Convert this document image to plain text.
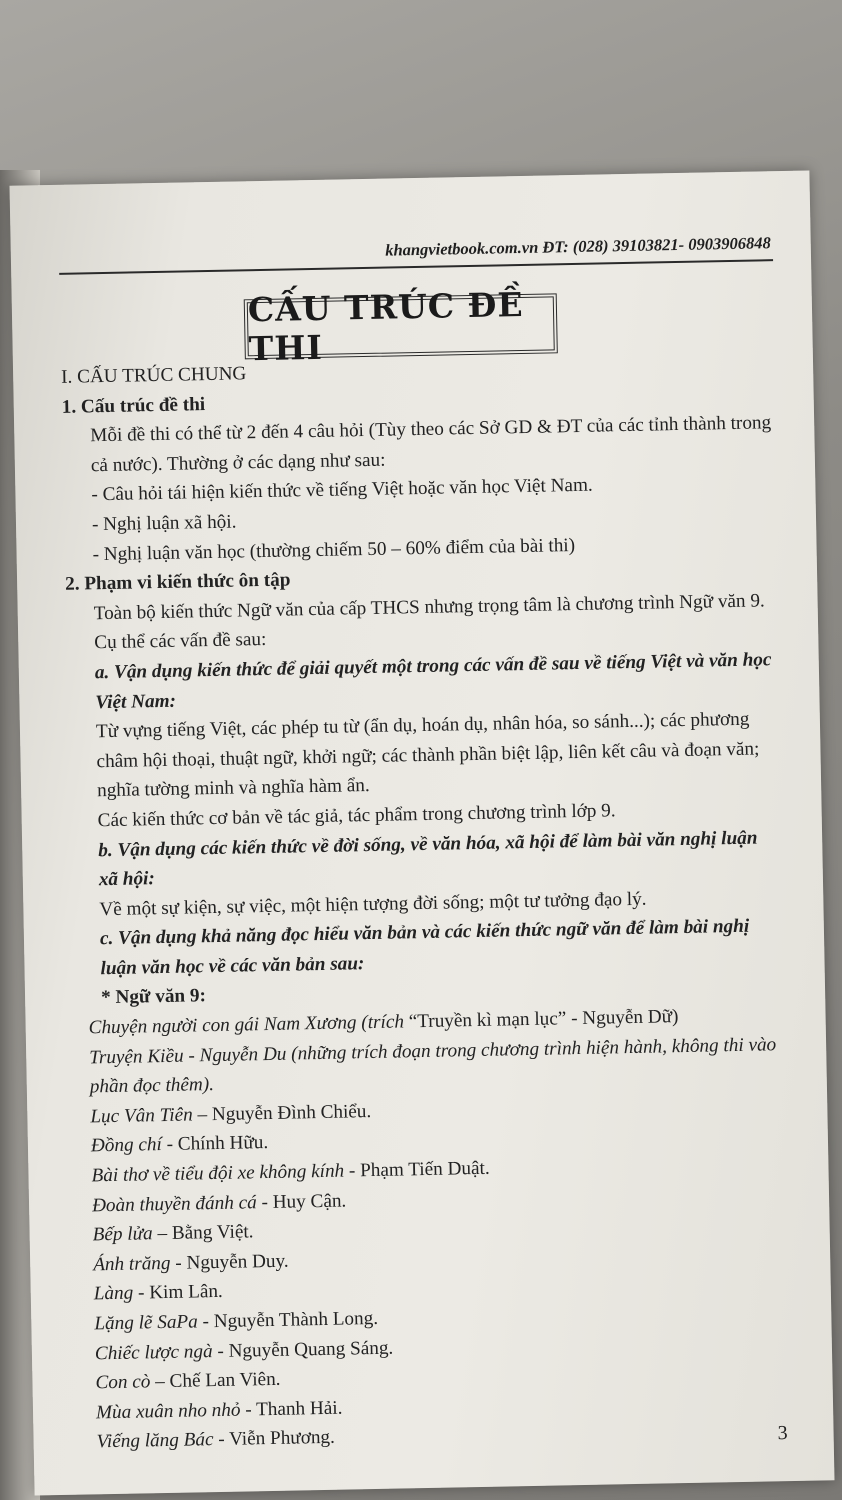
khangvietbook.com.vn ĐT: (028) 39103821- 0903906848
CẤU TRÚC ĐỀ THI

I. CẤU TRÚC CHUNG

1. Cấu trúc đề thi

Mỗi đề thi có thể từ 2 đến 4 câu hỏi (Tùy theo các Sở GD & ĐT của các tỉnh thành trong cả nước). Thường ở các dạng như sau:

- Câu hỏi tái hiện kiến thức về tiếng Việt hoặc văn học Việt Nam.

- Nghị luận xã hội.

- Nghị luận văn học (thường chiếm 50 – 60% điểm của bài thi)

2. Phạm vi kiến thức ôn tập

Toàn bộ kiến thức Ngữ văn của cấp THCS nhưng trọng tâm là chương trình Ngữ văn 9. Cụ thể các vấn đề sau:

a. Vận dụng kiến thức để giải quyết một trong các vấn đề sau về tiếng Việt và văn học Việt Nam:

Từ vựng tiếng Việt, các phép tu từ (ẩn dụ, hoán dụ, nhân hóa, so sánh...); các phương châm hội thoại, thuật ngữ, khởi ngữ; các thành phần biệt lập, liên kết câu và đoạn văn; nghĩa tường minh và nghĩa hàm ẩn.

Các kiến thức cơ bản về tác giả, tác phẩm trong chương trình lớp 9.

b. Vận dụng các kiến thức về đời sống, về văn hóa, xã hội để làm bài văn nghị luận xã hội:

Về một sự kiện, sự việc, một hiện tượng đời sống; một tư tưởng đạo lý.

c. Vận dụng khả năng đọc hiểu văn bản và các kiến thức ngữ văn để làm bài nghị luận văn học về các văn bản sau:

* Ngữ văn 9:

Chuyện người con gái Nam Xương (trích “Truyền kì mạn lục” - Nguyễn Dữ)

Truyện Kiều - Nguyễn Du (những trích đoạn trong chương trình hiện hành, không thi vào phần đọc thêm).

Lục Vân Tiên – Nguyễn Đình Chiểu.

Đồng chí - Chính Hữu.

Bài thơ về tiểu đội xe không kính - Phạm Tiến Duật.

Đoàn thuyền đánh cá - Huy Cận.

Bếp lửa – Bằng Việt.

Ánh trăng - Nguyễn Duy.

Làng - Kim Lân.

Lặng lẽ SaPa - Nguyễn Thành Long.

Chiếc lược ngà - Nguyễn Quang Sáng.

Con cò – Chế Lan Viên.

Mùa xuân nho nhỏ - Thanh Hải.

Viếng lăng Bác - Viễn Phương.	3
